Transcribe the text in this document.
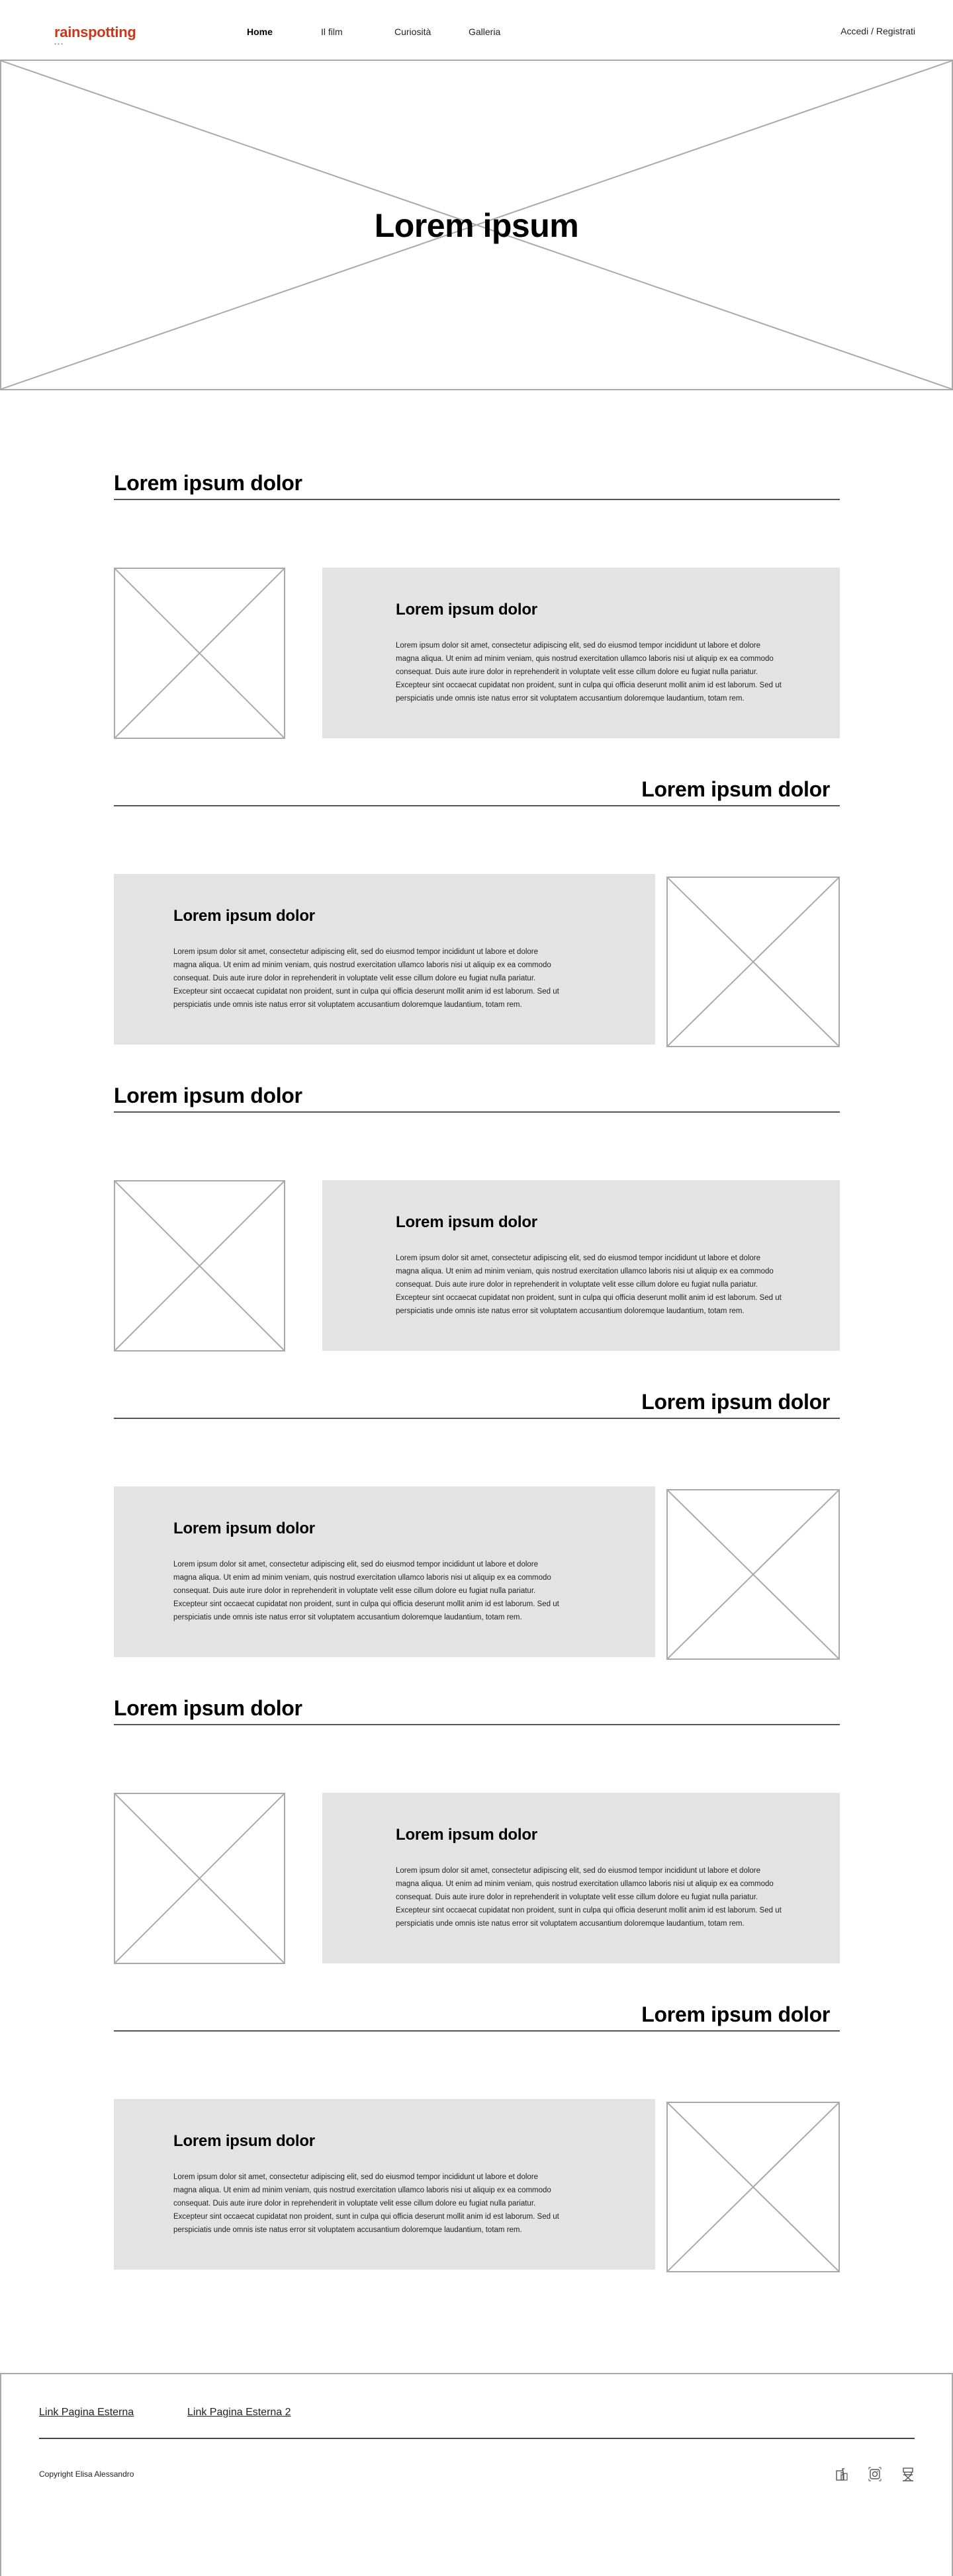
rainspotting
▪ ▪ ▪
Home	Il film	Curiosità	Galleria	Accedi / Registrati
Lorem ipsum
Lorem ipsum dolor
Lorem ipsum dolor
Lorem ipsum dolor sit amet, consectetur adipiscing elit, sed do eiusmod tempor incididunt ut labore et dolore magna aliqua. Ut enim ad minim veniam, quis nostrud exercitation ullamco laboris nisi ut aliquip ex ea commodo consequat. Duis aute irure dolor in reprehenderit in voluptate velit esse cillum dolore eu fugiat nulla pariatur. Excepteur sint occaecat cupidatat non proident, sunt in culpa qui officia deserunt mollit anim id est laborum. Sed ut perspiciatis unde omnis iste natus error sit voluptatem accusantium doloremque laudantium, totam rem.
Lorem ipsum dolor
Lorem ipsum dolor
Lorem ipsum dolor sit amet, consectetur adipiscing elit, sed do eiusmod tempor incididunt ut labore et dolore magna aliqua. Ut enim ad minim veniam, quis nostrud exercitation ullamco laboris nisi ut aliquip ex ea commodo consequat. Duis aute irure dolor in reprehenderit in voluptate velit esse cillum dolore eu fugiat nulla pariatur. Excepteur sint occaecat cupidatat non proident, sunt in culpa qui officia deserunt mollit anim id est laborum. Sed ut perspiciatis unde omnis iste natus error sit voluptatem accusantium doloremque laudantium, totam rem.
Lorem ipsum dolor
Lorem ipsum dolor
Lorem ipsum dolor sit amet, consectetur adipiscing elit, sed do eiusmod tempor incididunt ut labore et dolore magna aliqua. Ut enim ad minim veniam, quis nostrud exercitation ullamco laboris nisi ut aliquip ex ea commodo consequat. Duis aute irure dolor in reprehenderit in voluptate velit esse cillum dolore eu fugiat nulla pariatur. Excepteur sint occaecat cupidatat non proident, sunt in culpa qui officia deserunt mollit anim id est laborum. Sed ut perspiciatis unde omnis iste natus error sit voluptatem accusantium doloremque laudantium, totam rem.
Lorem ipsum dolor
Lorem ipsum dolor
Lorem ipsum dolor sit amet, consectetur adipiscing elit, sed do eiusmod tempor incididunt ut labore et dolore magna aliqua. Ut enim ad minim veniam, quis nostrud exercitation ullamco laboris nisi ut aliquip ex ea commodo consequat. Duis aute irure dolor in reprehenderit in voluptate velit esse cillum dolore eu fugiat nulla pariatur. Excepteur sint occaecat cupidatat non proident, sunt in culpa qui officia deserunt mollit anim id est laborum. Sed ut perspiciatis unde omnis iste natus error sit voluptatem accusantium doloremque laudantium, totam rem.
Lorem ipsum dolor
Lorem ipsum dolor
Lorem ipsum dolor sit amet, consectetur adipiscing elit, sed do eiusmod tempor incididunt ut labore et dolore magna aliqua. Ut enim ad minim veniam, quis nostrud exercitation ullamco laboris nisi ut aliquip ex ea commodo consequat. Duis aute irure dolor in reprehenderit in voluptate velit esse cillum dolore eu fugiat nulla pariatur. Excepteur sint occaecat cupidatat non proident, sunt in culpa qui officia deserunt mollit anim id est laborum. Sed ut perspiciatis unde omnis iste natus error sit voluptatem accusantium doloremque laudantium, totam rem.
Lorem ipsum dolor
Lorem ipsum dolor
Lorem ipsum dolor sit amet, consectetur adipiscing elit, sed do eiusmod tempor incididunt ut labore et dolore magna aliqua. Ut enim ad minim veniam, quis nostrud exercitation ullamco laboris nisi ut aliquip ex ea commodo consequat. Duis aute irure dolor in reprehenderit in voluptate velit esse cillum dolore eu fugiat nulla pariatur. Excepteur sint occaecat cupidatat non proident, sunt in culpa qui officia deserunt mollit anim id est laborum. Sed ut perspiciatis unde omnis iste natus error sit voluptatem accusantium doloremque laudantium, totam rem.
Link Pagina Esterna	Link Pagina Esterna 2
Copyright Elisa Alessandro
